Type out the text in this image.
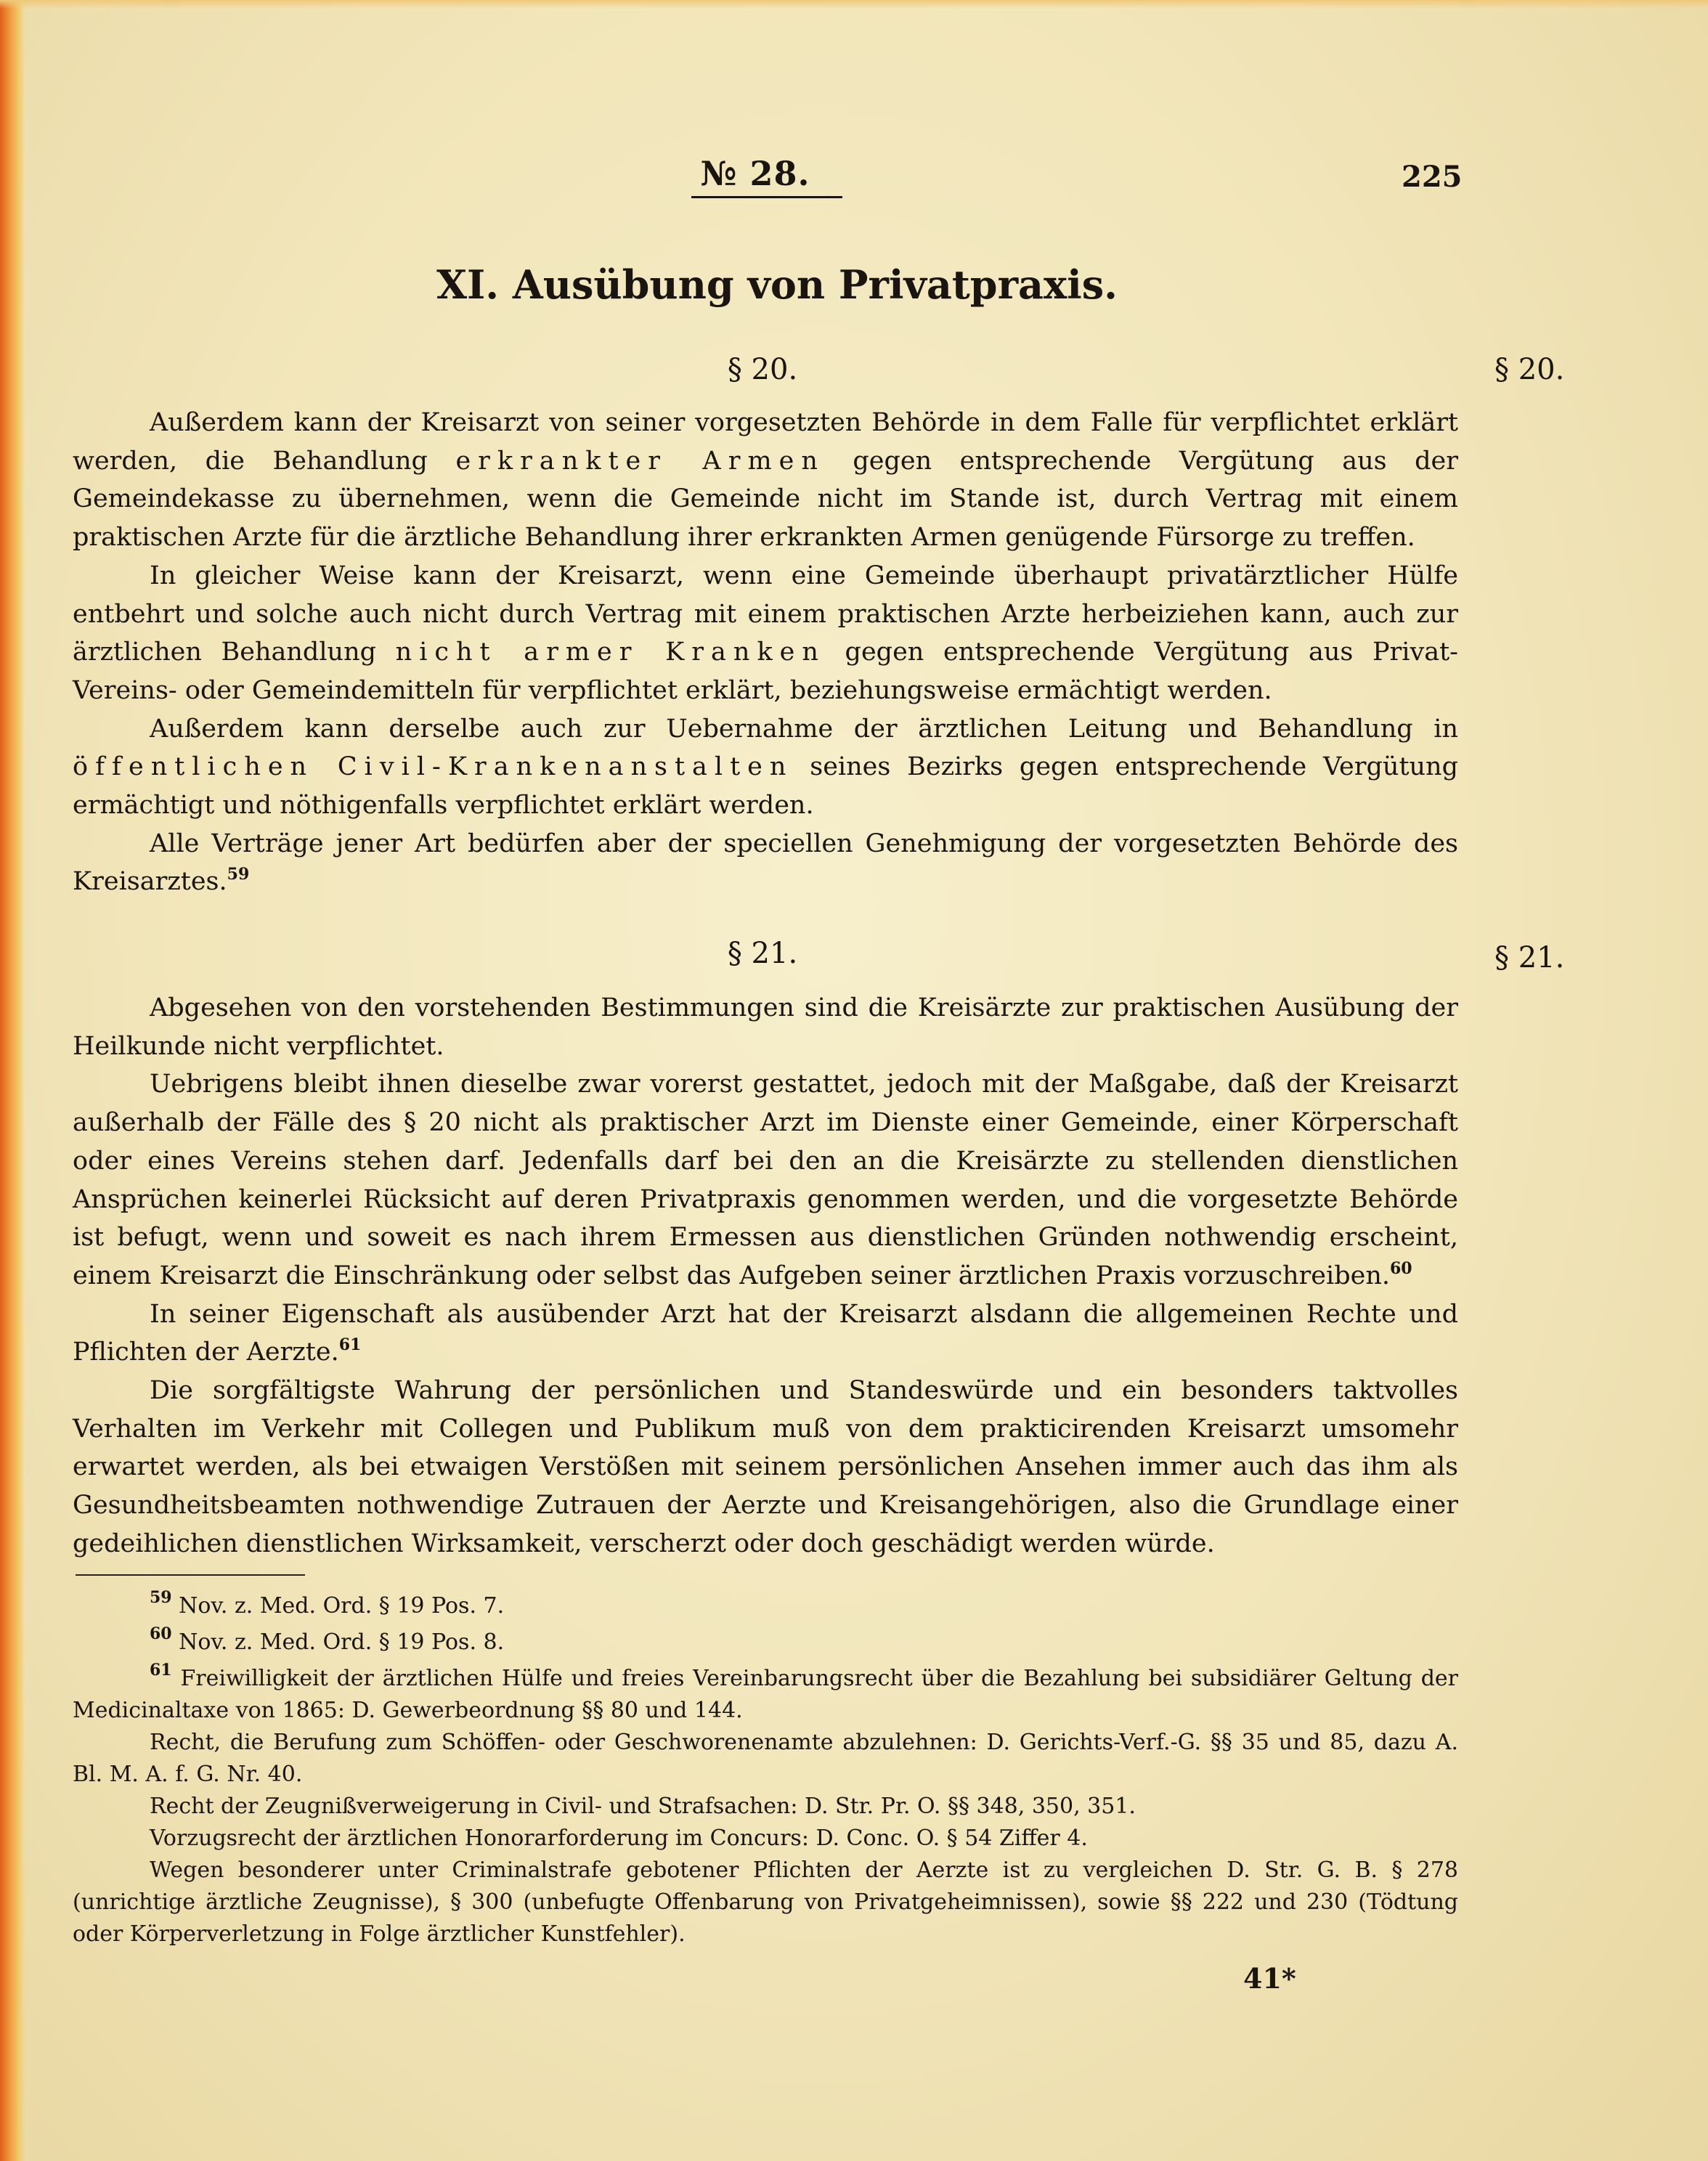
№ 28.	225
XI. Ausübung von Privatpraxis.
§ 20.	§ 20.

Außerdem kann der Kreisarzt von seiner vorgesetzten Behörde in dem Falle für verpflichtet erklärt werden, die Behandlung erkrankter Armen gegen entsprechende Vergütung aus der Gemeindekasse zu übernehmen, wenn die Gemeinde nicht im Stande ist, durch Vertrag mit einem praktischen Arzte für die ärztliche Behandlung ihrer erkrankten Armen genügende Fürsorge zu treffen.

In gleicher Weise kann der Kreisarzt, wenn eine Gemeinde überhaupt privatärztlicher Hülfe entbehrt und solche auch nicht durch Vertrag mit einem praktischen Arzte herbeiziehen kann, auch zur ärztlichen Behandlung nicht armer Kranken gegen entsprechende Vergütung aus Privat-Vereins- oder Gemeindemitteln für verpflichtet erklärt, beziehungsweise ermächtigt werden.

Außerdem kann derselbe auch zur Uebernahme der ärztlichen Leitung und Behandlung in öffentlichen Civil-Krankenanstalten seines Bezirks gegen entsprechende Vergütung ermächtigt und nöthigenfalls verpflichtet erklärt werden.

Alle Verträge jener Art bedürfen aber der speciellen Genehmigung der vorgesetzten Behörde des Kreisarztes.$^{59}$

§ 21.	§ 21.

Abgesehen von den vorstehenden Bestimmungen sind die Kreisärzte zur praktischen Ausübung der Heilkunde nicht verpflichtet.

Uebrigens bleibt ihnen dieselbe zwar vorerst gestattet, jedoch mit der Maßgabe, daß der Kreisarzt außerhalb der Fälle des § 20 nicht als praktischer Arzt im Dienste einer Gemeinde, einer Körperschaft oder eines Vereins stehen darf. Jedenfalls darf bei den an die Kreisärzte zu stellenden dienstlichen Ansprüchen keinerlei Rücksicht auf deren Privatpraxis genommen werden, und die vorgesetzte Behörde ist befugt, wenn und soweit es nach ihrem Ermessen aus dienstlichen Gründen nothwendig erscheint, einem Kreisarzt die Einschränkung oder selbst das Aufgeben seiner ärztlichen Praxis vorzuschreiben.$^{60}$

In seiner Eigenschaft als ausübender Arzt hat der Kreisarzt alsdann die allgemeinen Rechte und Pflichten der Aerzte.$^{61}$

Die sorgfältigste Wahrung der persönlichen und Standeswürde und ein besonders taktvolles Verhalten im Verkehr mit Collegen und Publikum muß von dem prakticirenden Kreisarzt umsomehr erwartet werden, als bei etwaigen Verstößen mit seinem persönlichen Ansehen immer auch das ihm als Gesundheitsbeamten nothwendige Zutrauen der Aerzte und Kreisangehörigen, also die Grundlage einer gedeihlichen dienstlichen Wirksamkeit, verscherzt oder doch geschädigt werden würde.

$^{59}$ Nov. z. Med. Ord. § 19 Pos. 7.

$^{60}$ Nov. z. Med. Ord. § 19 Pos. 8.

$^{61}$ Freiwilligkeit der ärztlichen Hülfe und freies Vereinbarungsrecht über die Bezahlung bei subsidiärer Geltung der Medicinaltaxe von 1865: D. Gewerbeordnung §§ 80 und 144.

Recht, die Berufung zum Schöffen- oder Geschworenenamte abzulehnen: D. Gerichts-Verf.-G. §§ 35 und 85, dazu A. Bl. M. A. f. G. Nr. 40.

Recht der Zeugnißverweigerung in Civil- und Strafsachen: D. Str. Pr. O. §§ 348, 350, 351.

Vorzugsrecht der ärztlichen Honorarforderung im Concurs: D. Conc. O. § 54 Ziffer 4.

Wegen besonderer unter Criminalstrafe gebotener Pflichten der Aerzte ist zu vergleichen D. Str. G. B. § 278 (unrichtige ärztliche Zeugnisse), § 300 (unbefugte Offenbarung von Privatgeheimnissen), sowie §§ 222 und 230 (Tödtung oder Körperverletzung in Folge ärztlicher Kunstfehler).

41*
